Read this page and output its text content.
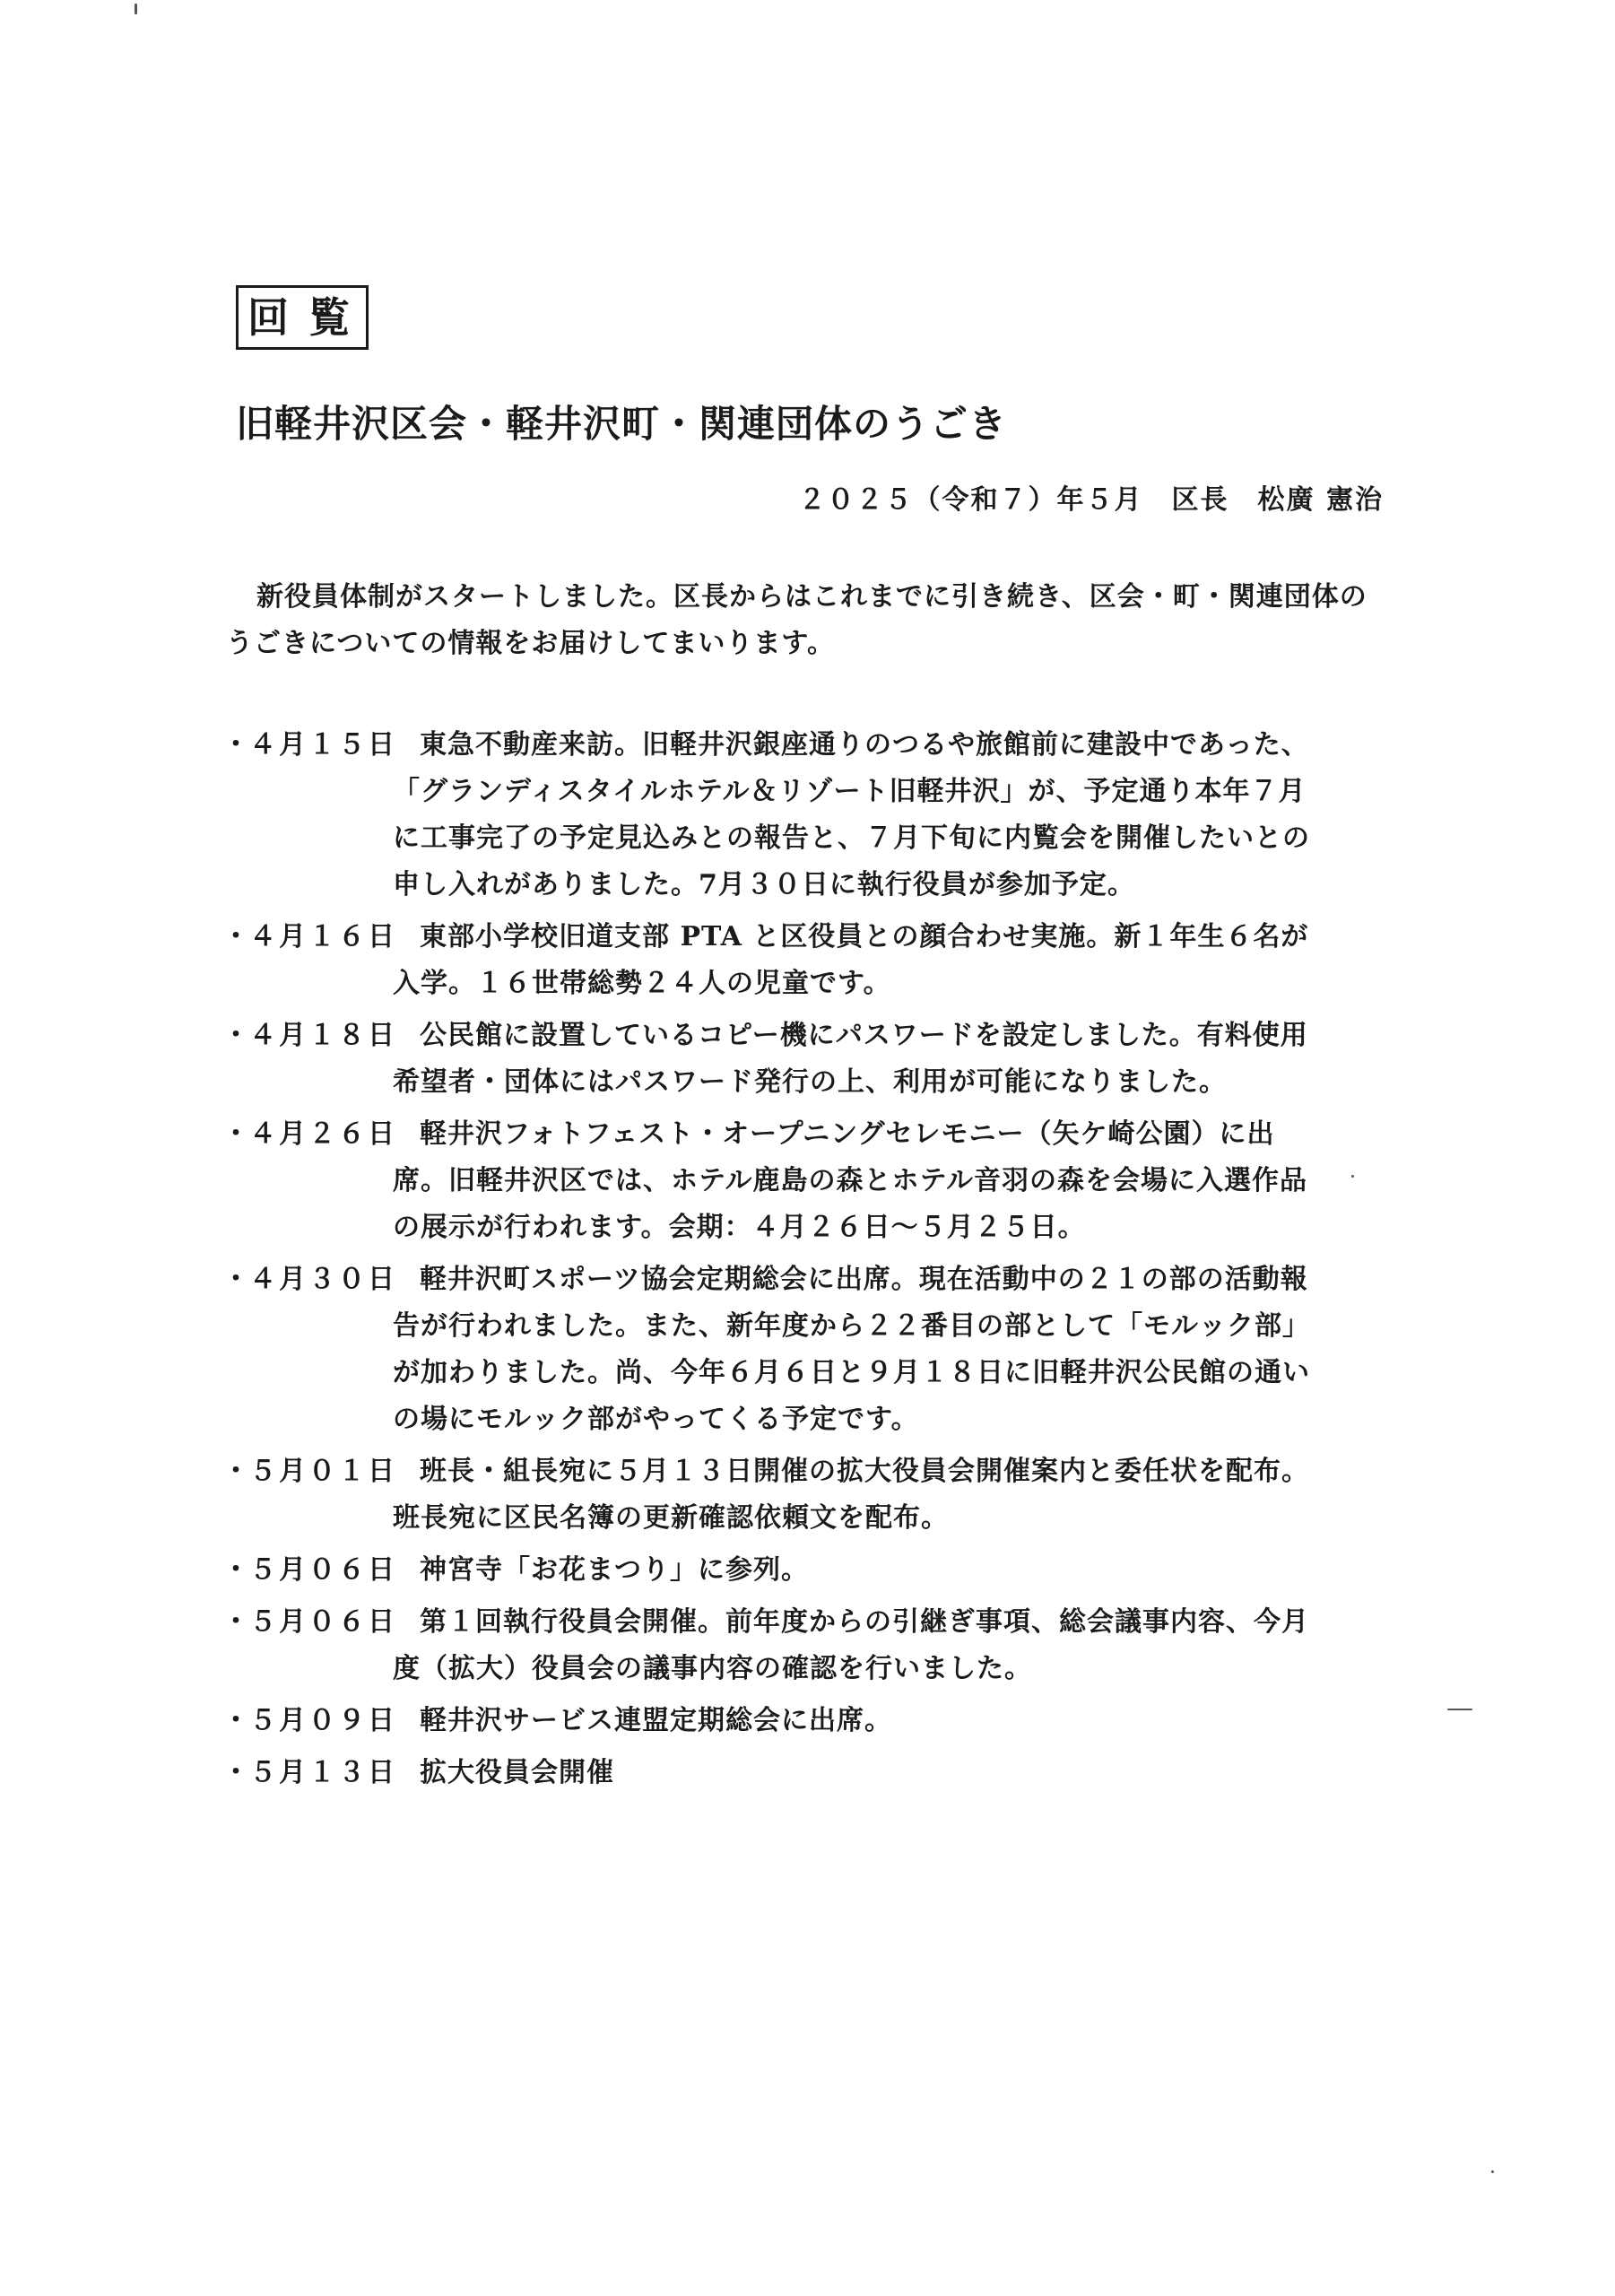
回覧
旧軽井沢区会・軽井沢町・関連団体のうごき
２０２５（令和７）年５月　区長　松廣 憲治
新役員体制がスタートしました。区長からはこれまでに引き続き、区会・町・関連団体のうごきについての情報をお届けしてまいります。
・ ４月１５日 東急不動産来訪。旧軽井沢銀座通りのつるや旅館前に建設中であった、
「グランディスタイルホテル＆リゾート旧軽井沢」が、予定通り本年７月
に工事完了の予定見込みとの報告と、７月下旬に内覧会を開催したいとの
申し入れがありました。7月３０日に執行役員が参加予定。
・ ４月１６日 東部小学校旧道支部 PTA と区役員との顔合わせ実施。新１年生６名が
入学。１６世帯総勢２４人の児童です。
・ ４月１８日 公民館に設置しているコピー機にパスワードを設定しました。有料使用
希望者・団体にはパスワード発行の上、利用が可能になりました。
・ ４月２６日 軽井沢フォトフェスト・オープニングセレモニー（矢ケ崎公園）に出
席。旧軽井沢区では、ホテル鹿島の森とホテル音羽の森を会場に入選作品
の展示が行われます。会期：４月２６日～５月２５日。
・ ４月３０日 軽井沢町スポーツ協会定期総会に出席。現在活動中の２１の部の活動報
告が行われました。また、新年度から２２番目の部として「モルック部」
が加わりました。尚、今年６月６日と９月１８日に旧軽井沢公民館の通い
の場にモルック部がやってくる予定です。
・ ５月０１日 班長・組長宛に５月１３日開催の拡大役員会開催案内と委任状を配布。
班長宛に区民名簿の更新確認依頼文を配布。
・ ５月０６日 神宮寺「お花まつり」に参列。
・ ５月０６日 第１回執行役員会開催。前年度からの引継ぎ事項、総会議事内容、今月
度（拡大）役員会の議事内容の確認を行いました。
・ ５月０９日 軽井沢サービス連盟定期総会に出席。
・ ５月１３日 拡大役員会開催
